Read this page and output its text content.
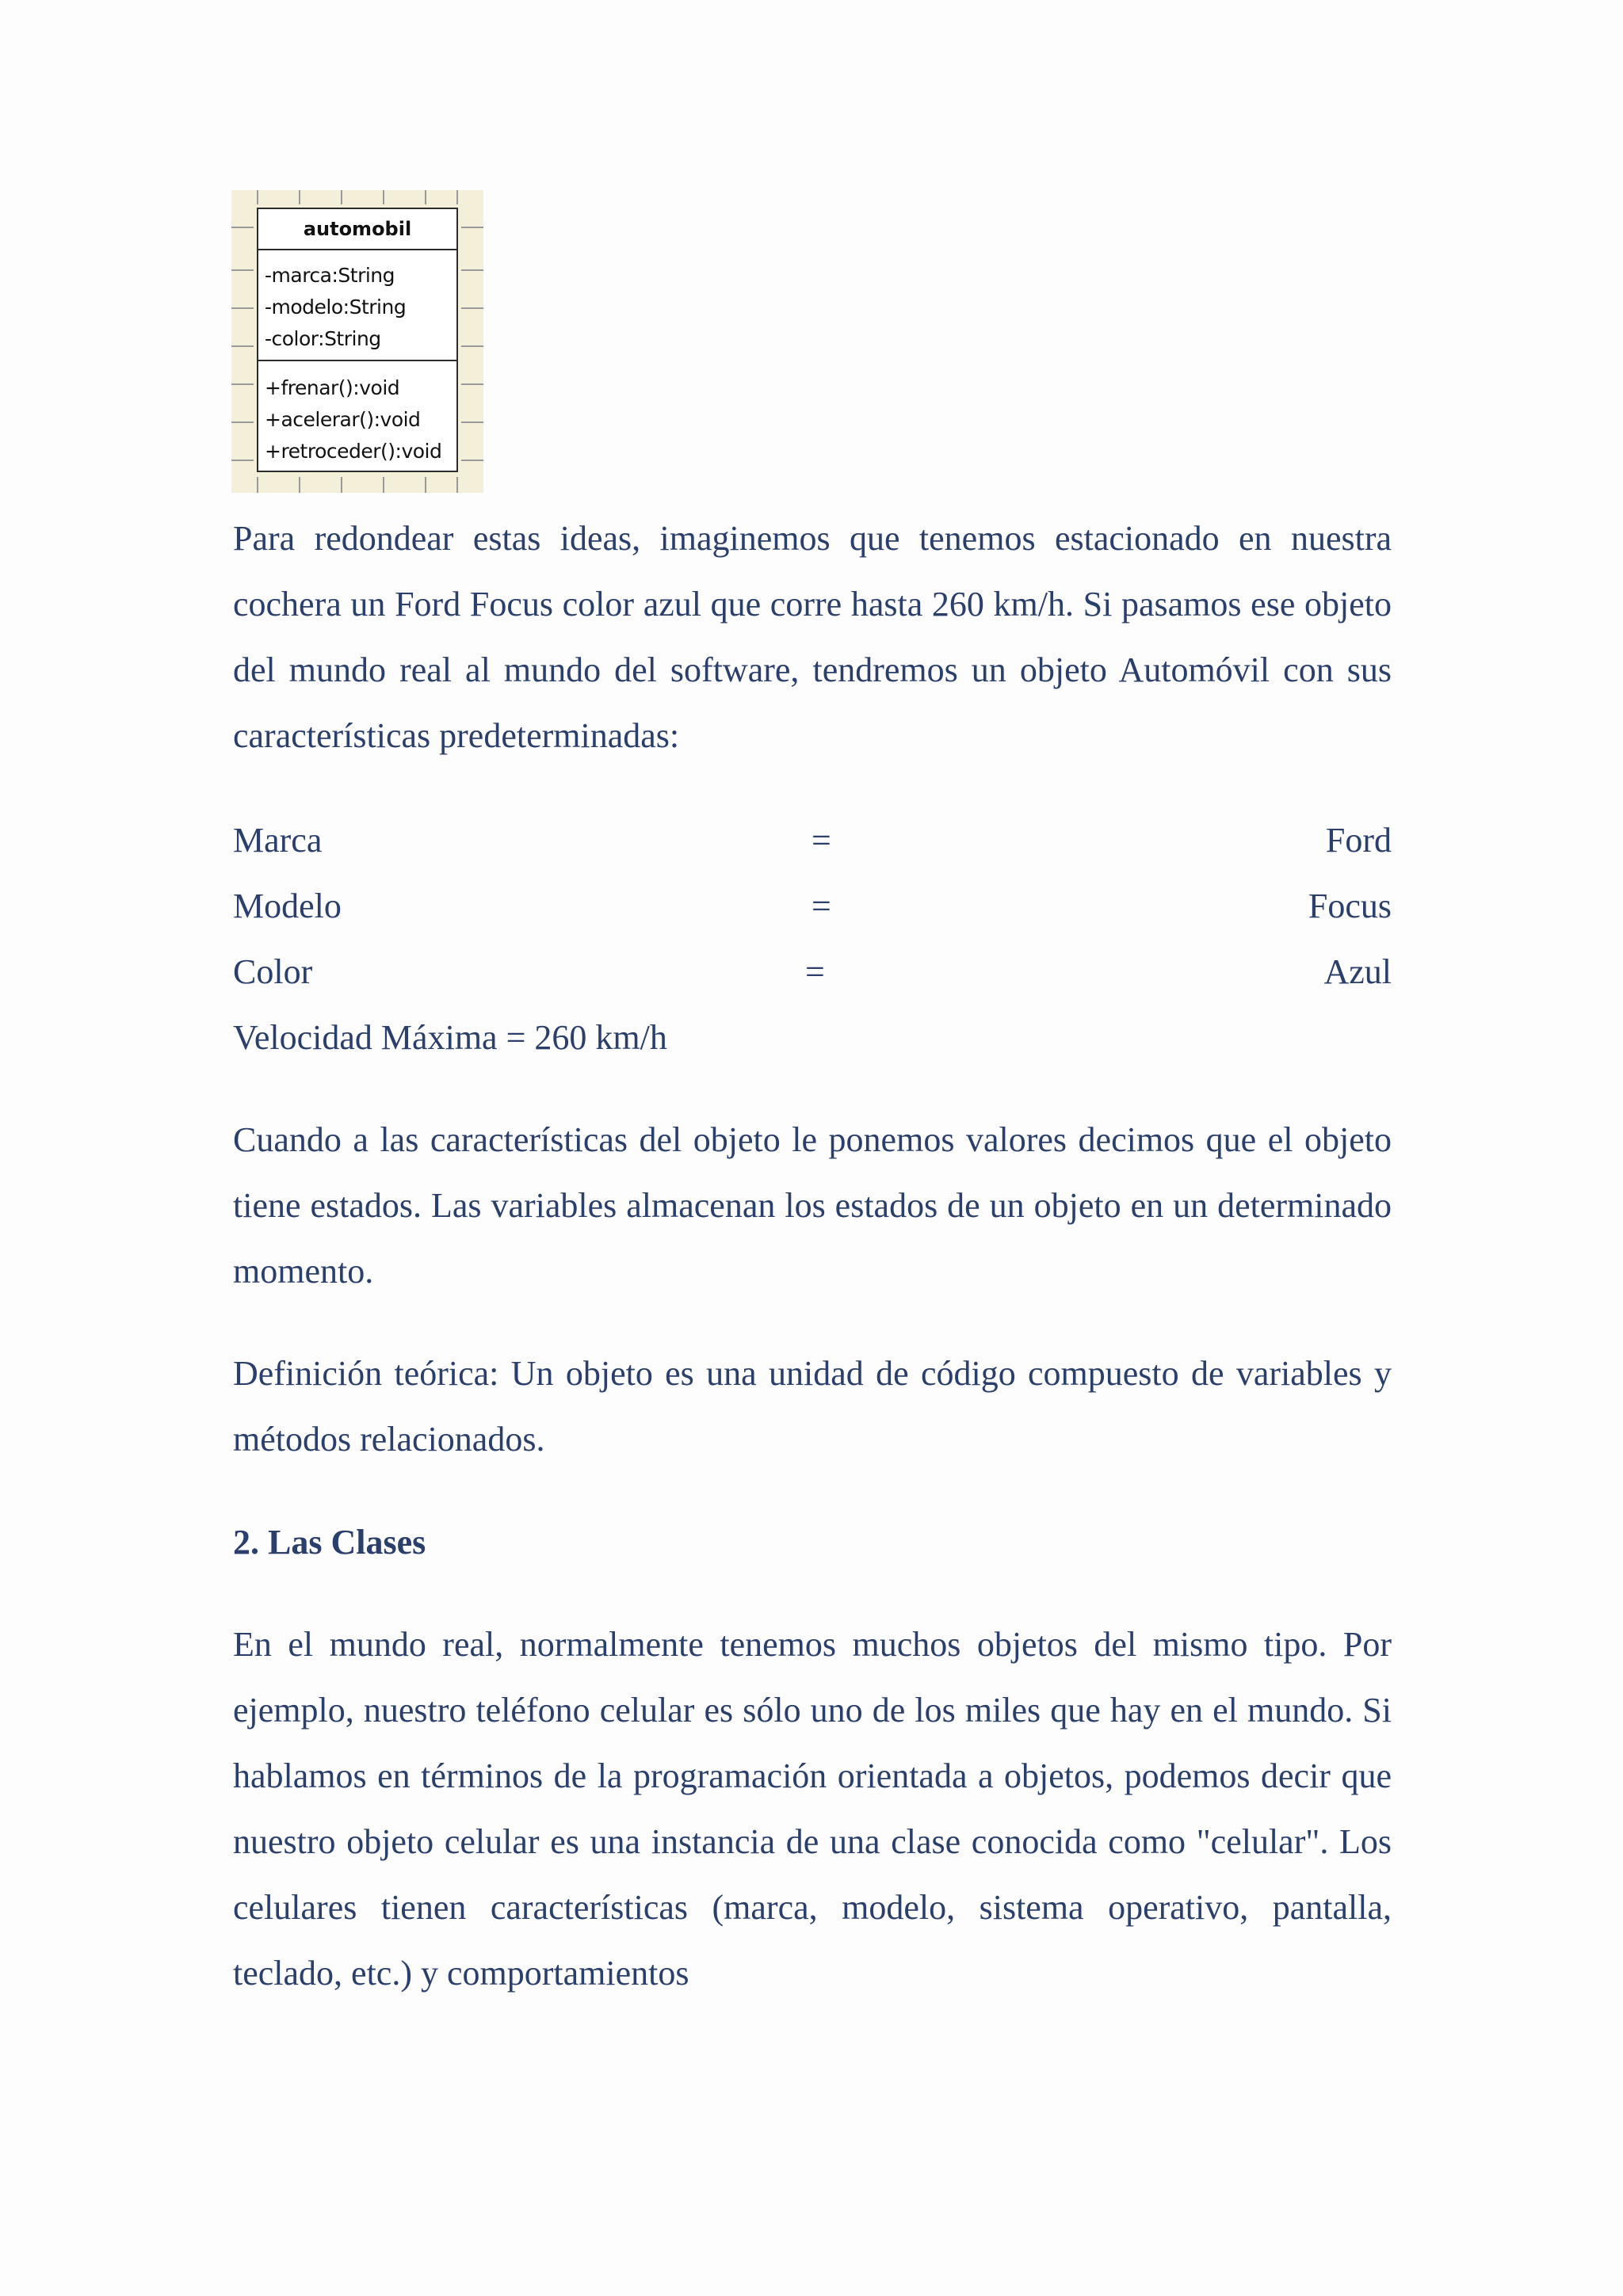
automobil
-marca:String
-modelo:String
-color:String
+frenar():void
+acelerar():void
+retroceder():void

Para redondear estas ideas, imaginemos que tenemos estacionado en nuestra cochera un Ford Focus color azul que corre hasta 260 km/h. Si pasamos ese objeto del mundo real al mundo del software, tendremos un objeto Automóvil con sus características predeterminadas:

Marca	=	Ford
Modelo	=	Focus
Color	=	Azul
Velocidad Máxima = 260 km/h

Cuando a las características del objeto le ponemos valores decimos que el objeto tiene estados. Las variables almacenan los estados de un objeto en un determinado momento.

Definición teórica: Un objeto es una unidad de código compuesto de variables y métodos relacionados.

2. Las Clases

En el mundo real, normalmente tenemos muchos objetos del mismo tipo. Por ejemplo, nuestro teléfono celular es sólo uno de los miles que hay en el mundo. Si hablamos en términos de la programación orientada a objetos, podemos decir que nuestro objeto celular es una instancia de una clase conocida como "celular". Los celulares tienen características (marca, modelo, sistema operativo, pantalla, teclado, etc.) y comportamientos
